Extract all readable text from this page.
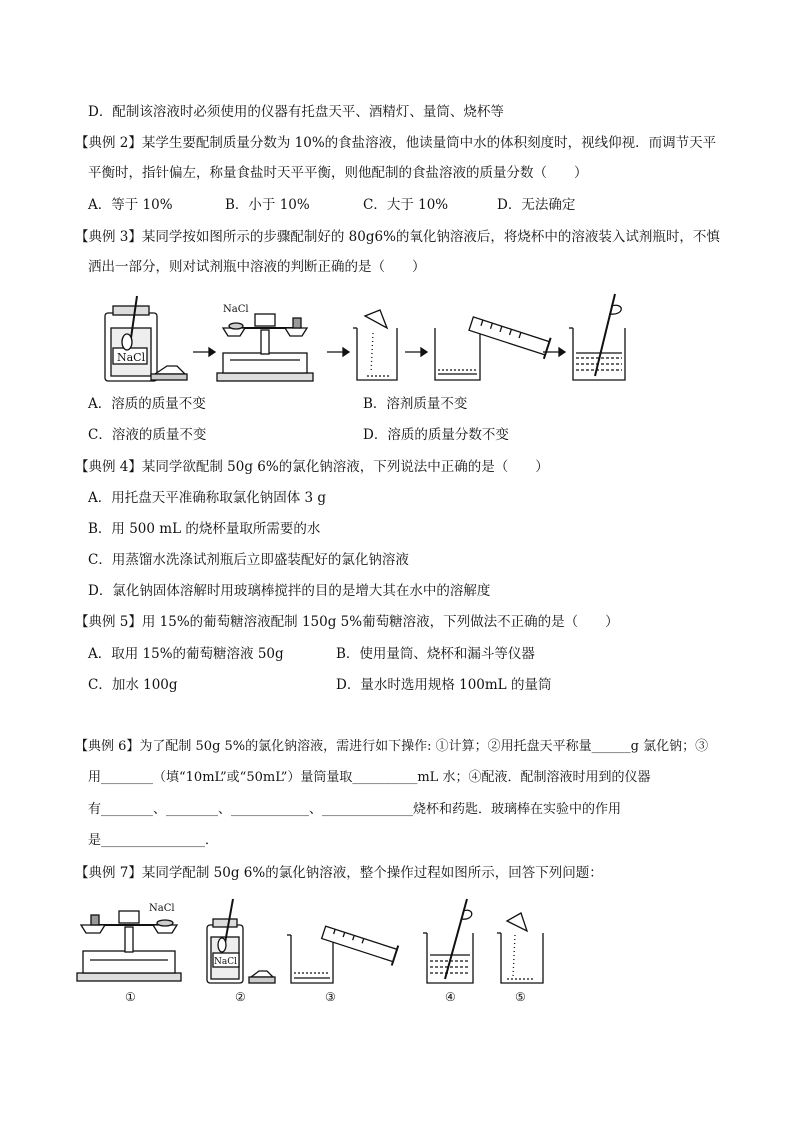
D．配制该溶液时必须使用的仪器有托盘天平、酒精灯、量筒、烧杯等
【典例 2】某学生要配制质量分数为 10%的食盐溶液，他读量筒中水的体积刻度时，视线仰视．而调节天平
平衡时，指针偏左，称量食盐时天平平衡，则他配制的食盐溶液的质量分数（　　）
A．等于 10%	B．小于 10%	C．大于 10%	D．无法确定
【典例 3】某同学按如图所示的步骤配制好的 80g6%的氧化钠溶液后，将烧杯中的溶液装入试剂瓶时，不慎
洒出一部分，则对试剂瓶中溶液的判断正确的是（　　）
NaCl
NaCl
A．溶质的质量不变	B．溶剂质量不变
C．溶液的质量不变	D．溶质的质量分数不变
【典例 4】某同学欲配制 50g 6%的氯化钠溶液，下列说法中正确的是（　　）
A．用托盘天平准确称取氯化钠固体 3 g
B．用 500 mL 的烧杯量取所需要的水
C．用蒸馏水洗涤试剂瓶后立即盛装配好的氯化钠溶液
D．氯化钠固体溶解时用玻璃棒搅拌的目的是增大其在水中的溶解度
【典例 5】用 15%的葡萄糖溶液配制 150g 5%葡萄糖溶液，下列做法不正确的是（　　）
A．取用 15%的葡萄糖溶液 50g	B．使用量筒、烧杯和漏斗等仪器
C．加水 100g	D．量水时选用规格 100mL 的量筒
【典例 6】为了配制 50g 5%的氯化钠溶液，需进行如下操作: ①计算；②用托盘天平称量______g 氯化钠；③
用________（填“10mL”或“50mL”）量筒量取__________mL 水；④配液．配制溶液时用到的仪器
有________、________、____________、______________烧杯和药匙．玻璃棒在实验中的作用
是________________．
【典例 7】某同学配制 50g 6%的氯化钠溶液，整个操作过程如图所示，回答下列问题：
NaCl
NaCl
①	②	③	④	⑤
